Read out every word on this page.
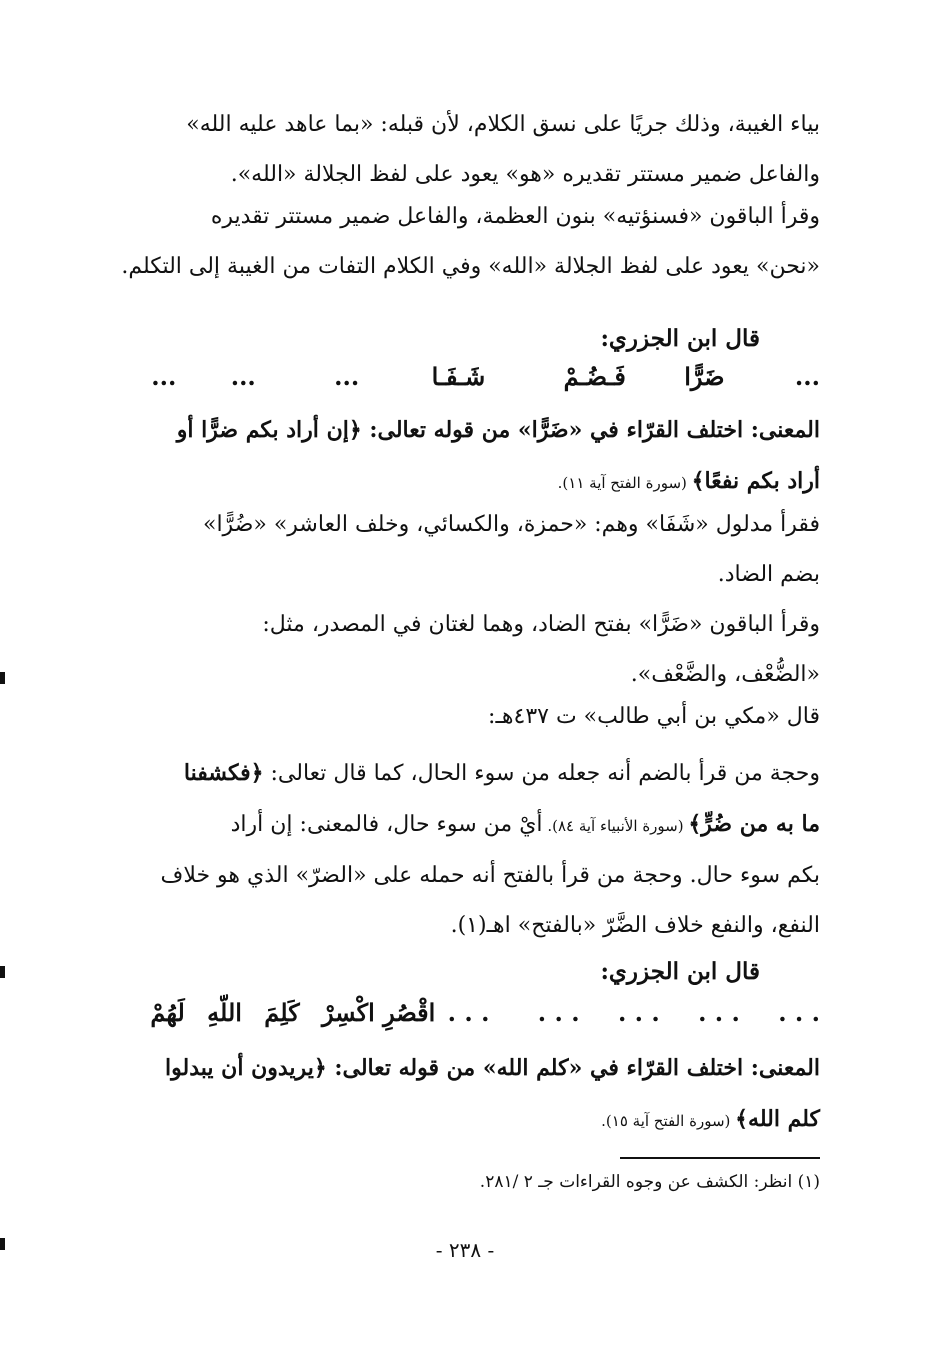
بياء الغيبة، وذلك جريًا على نسق الكلام، لأن قبله: «بما عاهد عليه الله»
والفاعل ضمير مستتر تقديره «هو» يعود على لفظ الجلالة «الله».
وقرأ الباقون «فسنؤتيه» بنون العظمة، والفاعل ضمير مستتر تقديره
«نحن» يعود على لفظ الجلالة «الله» وفي الكلام التفات من الغيبة إلى التكلم.
قال ابن الجزري:
... ضَرًّا فَـضُـمْ شَـفَـا ... ... ...
المعنى: اختلف القرّاء في «ضَرًّا» من قوله تعالى: ﴿إن أراد بكم ضرًّا أو
أراد بكم نفعًا﴾ (سورة الفتح آية ١١).
فقرأ مدلول «شَفَا» وهم: «حمزة، والكسائي، وخلف العاشر» «ضُرًّا»
بضم الضاد.
وقرأ الباقون «ضَرًّا» بفتح الضاد، وهما لغتان في المصدر، مثل:
«الضُّعْف، والضَّعْف».
قال «مكي بن أبي طالب» ت ٤٣٧هـ:
وحجة من قرأ بالضم أنه جعله من سوء الحال، كما قال تعالى: ﴿فكشفنا
ما به من ضُرٍّ﴾ (سورة الأنبياء آية ٨٤). أيْ من سوء حال، فالمعنى: إن أراد
بكم سوء حال. وحجة من قرأ بالفتح أنه حمله على «الضرّ» الذي هو خلاف
النفع، والنفع خلاف الضَّرّ «بالفتح» اهـ(١).
قال ابن الجزري:
. . . . . . . . . . . . . . . اقْصُرِ اكْسِرْ كَلِمَ اللّهِ لَهُمْ
المعنى: اختلف القرّاء في «كلم الله» من قوله تعالى: ﴿يريدون أن يبدلوا
كلم الله﴾ (سورة الفتح آية ١٥).
(١) انظر: الكشف عن وجوه القراءات جـ ٢ /٢٨١.
- ٢٣٨ -
